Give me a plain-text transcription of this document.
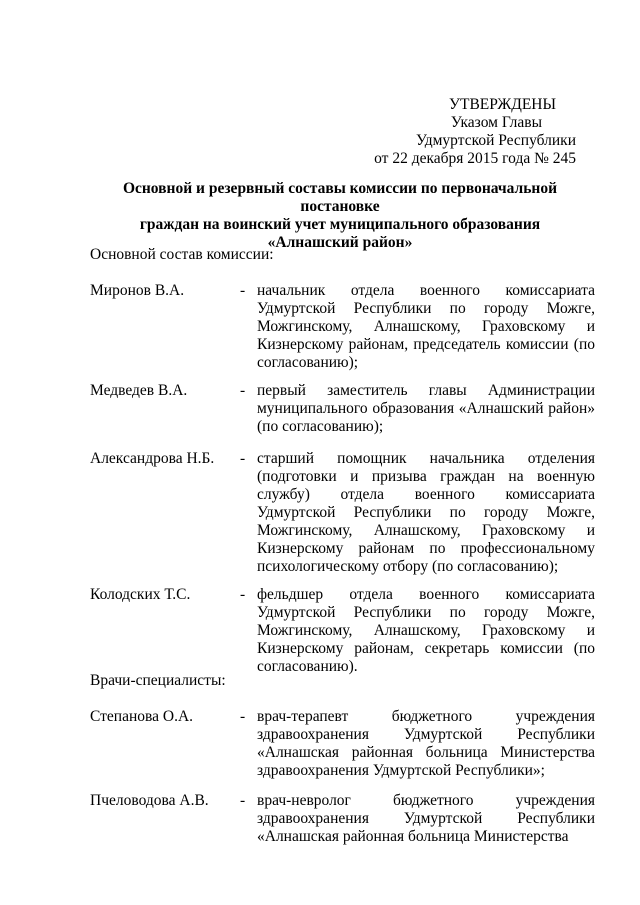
УТВЕРЖДЕНЫ
Указом Главы
Удмуртской Республики
от 22 декабря 2015 года № 245
Основной и резервный составы комиссии по первоначальной постановке
граждан на воинский учет муниципального образования
«Алнашский район»
Основной состав комиссии:
Миронов В.А.	- начальник отдела военного комиссариата Удмуртской Республики по городу Можге, Можгинскому, Алнашскому, Граховскому и Кизнерскому районам, председатель комиссии (по согласованию);
Медведев В.А.	- первый заместитель главы Администрации муниципального образования «Алнашский район» (по согласованию);
Александрова Н.Б. - старший помощник начальника отделения (подготовки и призыва граждан на военную службу) отдела военного комиссариата Удмуртской Республики по городу Можге, Можгинскому, Алнашскому, Граховскому и Кизнерскому районам по профессиональному психологическому отбору (по согласованию);
Колодских Т.С.	- фельдшер отдела военного комиссариата Удмуртской Республики по городу Можге, Можгинскому, Алнашскому, Граховскому и Кизнерскому районам, секретарь комиссии (по согласованию).
Врачи-специалисты:
Степанова О.А.	- врач-терапевт бюджетного учреждения здравоохранения Удмуртской Республики «Алнашская районная больница Министерства здравоохранения Удмуртской Республики»;
Пчеловодова А.В. - врач-невролог бюджетного учреждения здравоохранения Удмуртской Республики «Алнашская районная больница Министерства
